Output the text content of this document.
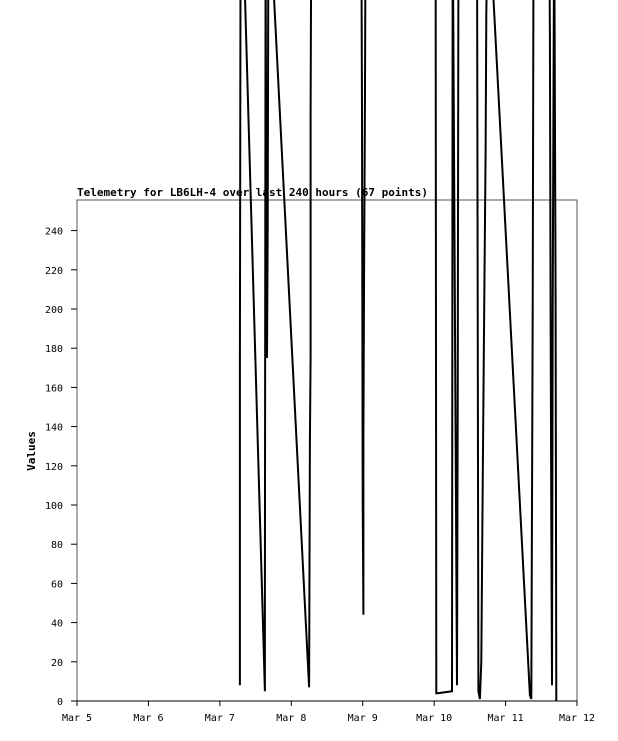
Mar 5	Mar 6	Mar 7	Mar 8	Mar 9	Mar 10	Mar 11	Mar 12
0
20
40
60
80
100
120
140
160
180
200
220
240
Telemetry for LB6LH-4 over last 240 hours (67 points)
Values
